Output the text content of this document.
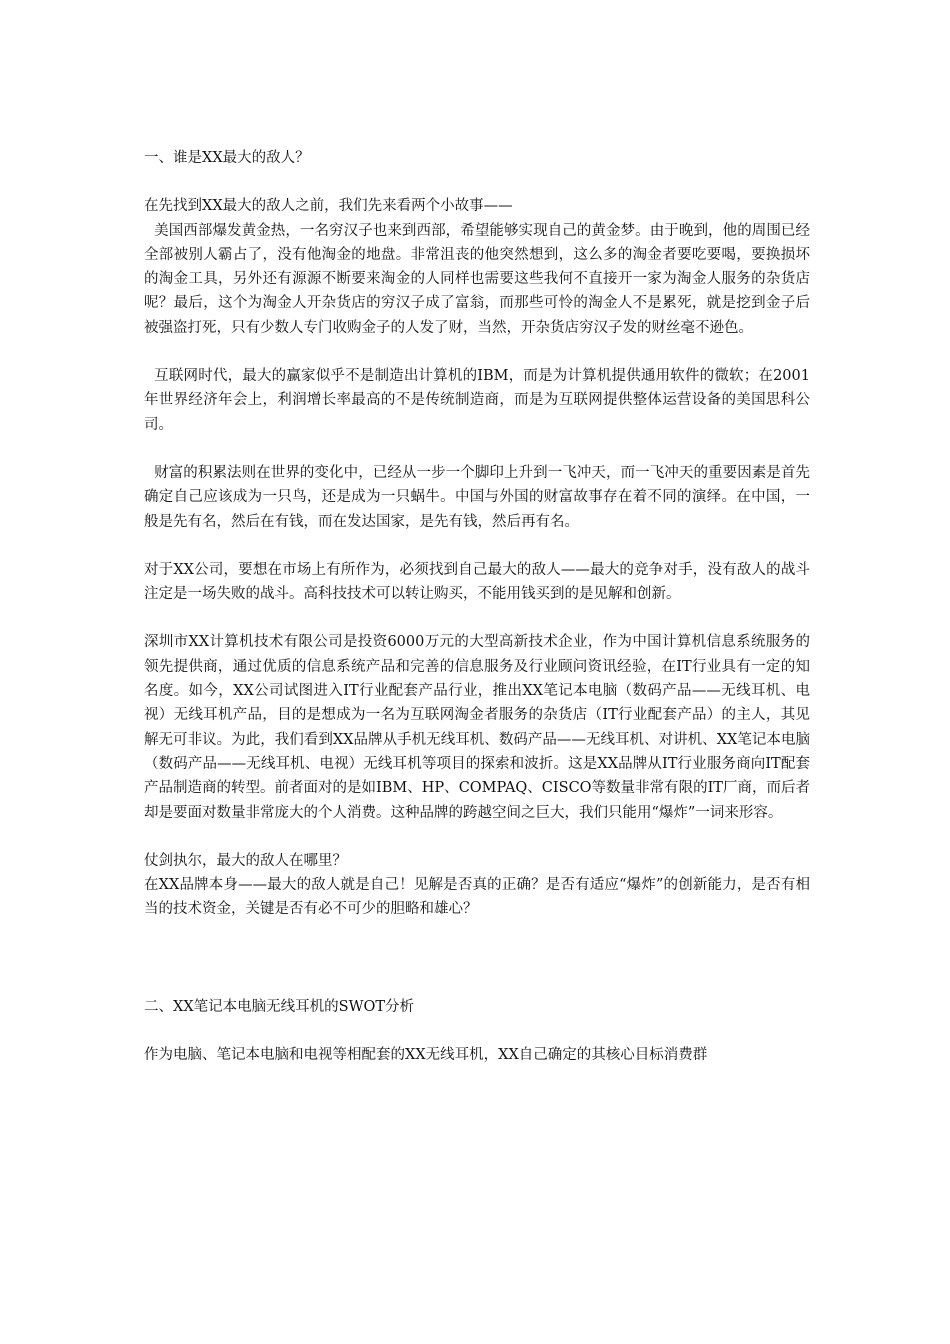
一、谁是XX最大的敌人？

在先找到XX最大的敌人之前，我们先来看两个小故事——

美国西部爆发黄金热，一名穷汉子也来到西部，希望能够实现自己的黄金梦。由于晚到，他的周围已经全部被别人霸占了，没有他淘金的地盘。非常沮丧的他突然想到，这么多的淘金者要吃要喝，要换损坏的淘金工具，另外还有源源不断要来淘金的人同样也需要这些我何不直接开一家为淘金人服务的杂货店呢？最后，这个为淘金人开杂货店的穷汉子成了富翁，而那些可怜的淘金人不是累死，就是挖到金子后被强盗打死，只有少数人专门收购金子的人发了财，当然，开杂货店穷汉子发的财丝毫不逊色。

互联网时代，最大的赢家似乎不是制造出计算机的IBM，而是为计算机提供通用软件的微软；在2001年世界经济年会上，利润增长率最高的不是传统制造商，而是为互联网提供整体运营设备的美国思科公司。

财富的积累法则在世界的变化中，已经从一步一个脚印上升到一飞冲天，而一飞冲天的重要因素是首先确定自己应该成为一只鸟，还是成为一只蜗牛。中国与外国的财富故事存在着不同的演绎。在中国，一般是先有名，然后在有钱，而在发达国家，是先有钱，然后再有名。

对于XX公司，要想在市场上有所作为，必须找到自己最大的敌人——最大的竞争对手，没有敌人的战斗注定是一场失败的战斗。高科技技术可以转让购买，不能用钱买到的是见解和创新。

深圳市XX计算机技术有限公司是投资6000万元的大型高新技术企业，作为中国计算机信息系统服务的领先提供商，通过优质的信息系统产品和完善的信息服务及行业顾问资讯经验，在IT行业具有一定的知名度。如今，XX公司试图进入IT行业配套产品行业，推出XX笔记本电脑（数码产品——无线耳机、电视）无线耳机产品，目的是想成为一名为互联网淘金者服务的杂货店（IT行业配套产品）的主人，其见解无可非议。为此，我们看到XX品牌从手机无线耳机、数码产品——无线耳机、对讲机、XX笔记本电脑（数码产品——无线耳机、电视）无线耳机等项目的探索和波折。这是XX品牌从IT行业服务商向IT配套产品制造商的转型。前者面对的是如IBM、HP、COMPAQ、CISCO等数量非常有限的IT厂商，而后者却是要面对数量非常庞大的个人消费。这种品牌的跨越空间之巨大，我们只能用“爆炸”一词来形容。

仗剑执尔，最大的敌人在哪里？

在XX品牌本身——最大的敌人就是自己！见解是否真的正确？是否有适应“爆炸”的创新能力，是否有相当的技术资金，关键是否有必不可少的胆略和雄心？

二、XX笔记本电脑无线耳机的SWOT分析

作为电脑、笔记本电脑和电视等相配套的XX无线耳机，XX自己确定的其核心目标消费群
